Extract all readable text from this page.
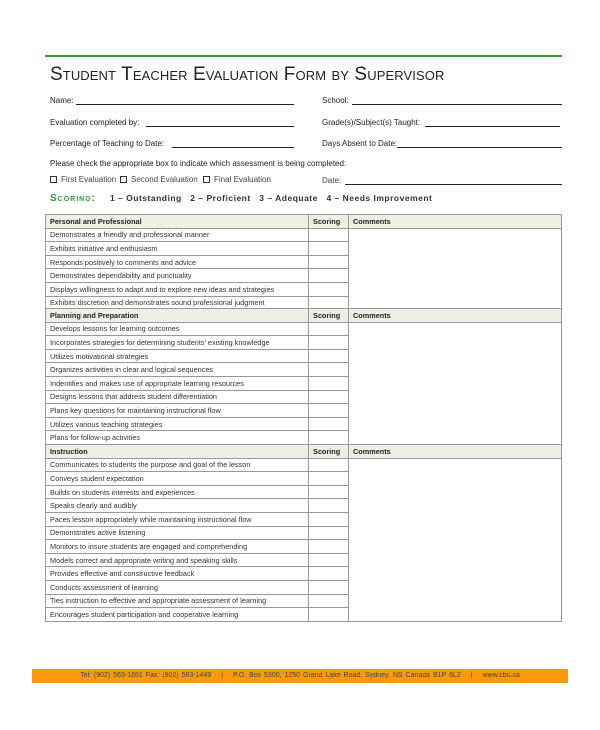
Student Teacher Evaluation Form by Supervisor
Name:	School:
Evaluation completed by:	Grade(s)/Subject(s) Taught:
Percentage of Teaching to Date:	Days Absent to Date:
Please check the appropriate box to indicate which assessment is being completed:
First Evaluation	Second Evaluation	Final Evaluation	Date:
Scoring: 1 – Outstanding   2 – Proficient   3 – Adequate   4 – Needs Improvement
Personal and Professional	Scoring	Comments
Demonstrates a friendly and professional manner		
Exhibits initiative and enthusiasm		
Responds positively to comments and advice		
Demonstrates dependability and punctuality		
Displays willingness to adapt and to explore new ideas and strategies		
Exhibits discretion and demonstrates sound professional judgment		
Planning and Preparation	Scoring	Comments
Develops lessons for learning outcomes		
Incorporates strategies for determining students’ existing knowledge		
Utilizes motivational strategies		
Organizes activities in clear and logical sequences		
Indentifies and makes use of appropriate learning resources		
Designs lessons that address student differentiation		
Plans key questions for maintaining instructional flow		
Utilizes various teaching strategies		
Plans for follow-up activities		
Instruction	Scoring	Comments
Communicates to students the purpose and goal of the lesson		
Conveys student expectation		
Builds on students interests and experiences		
Speaks clearly and audibly		
Paces lesson appropriately while maintaining instructional flow		
Demonstrates active listening		
Monitors to insure students are engaged and comprehending		
Models correct and appropriate writing and speaking skills		
Provides effective and constructive feedback		
Conducts assessment of learning		
Ties instruction to effective and appropriate assessment of learning		
Encourages student participation and cooperative learning		
Tel: (902) 563-1651 Fax: (902) 563-1449 | P.O. Box 5300, 1250 Grand Lake Road, Sydney, NS Canada B1P 6L2 | www.cbu.ca
